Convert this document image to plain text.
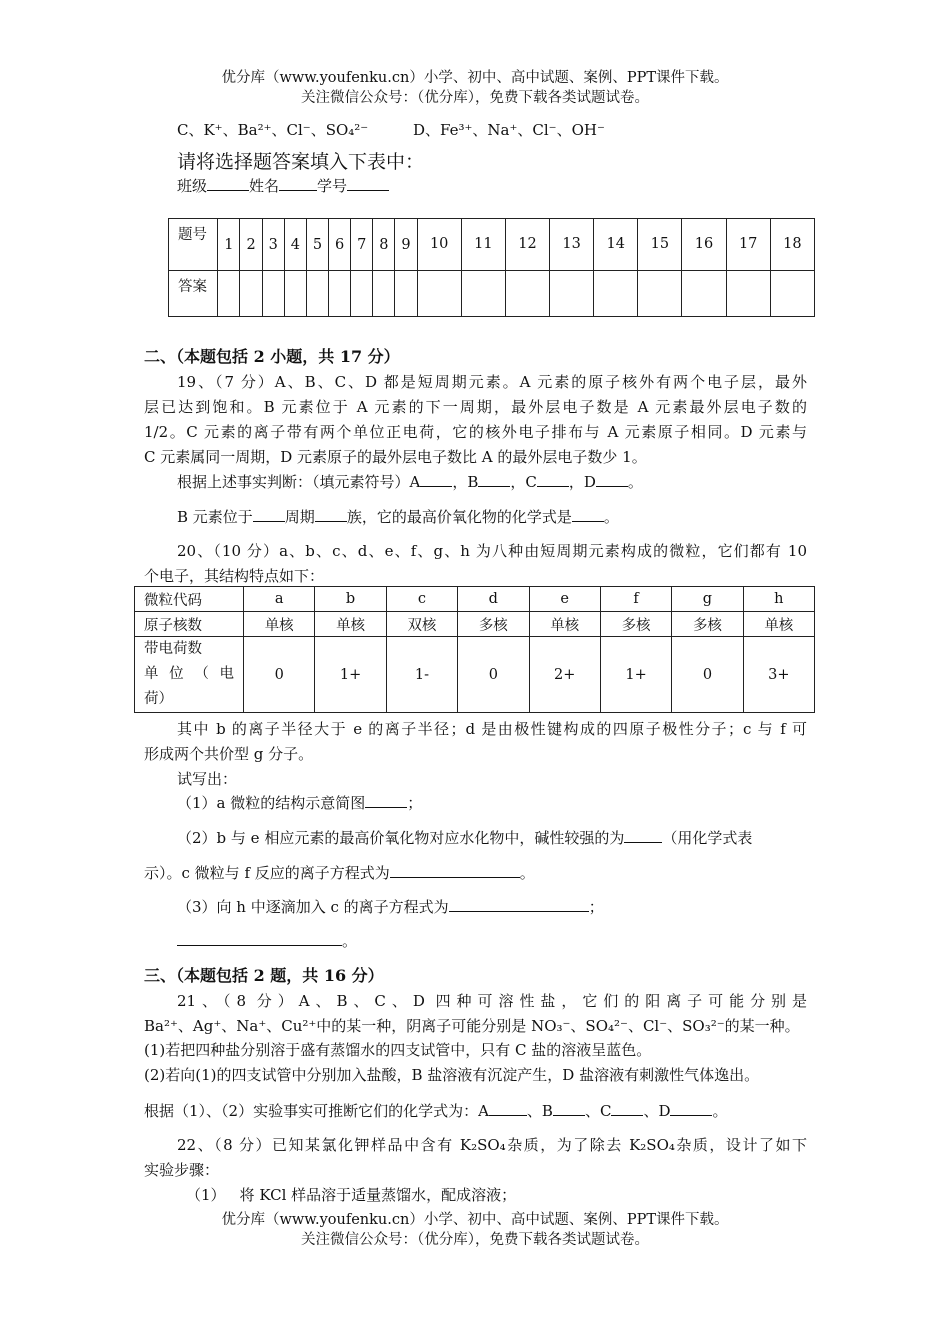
优分库（www.youfenku.cn）小学、初中、高中试题、案例、PPT课件下载。
关注微信公众号：（优分库），免费下载各类试题试卷。
C、K⁺、Ba²⁺、Cl⁻、SO₄²⁻	D、Fe³⁺、Na⁺、Cl⁻、OH⁻
请将选择题答案填入下表中：
班级	姓名	学号
题号	1	2	3	4	5	6	7	8	9	10	11	12	13	14	15	16	17	18
答案																		
二、（本题包括 2 小题，共 17 分）
19、（7 分）A、B、C、D 都是短周期元素。A 元素的原子核外有两个电子层，最外
层已达到饱和。B 元素位于 A 元素的下一周期，最外层电子数是 A 元素最外层电子数的
1/2。C 元素的离子带有两个单位正电荷，它的核外电子排布与 A 元素原子相同。D 元素与
C 元素属同一周期，D 元素原子的最外层电子数比 A 的最外层电子数少 1。
根据上述事实判断：（填元素符号）A ，B ，C ，D 。
B 元素位于 周期 族，它的最高价氧化物的化学式是 。
20、（10 分）a、b、c、d、e、f、g、h 为八种由短周期元素构成的微粒，它们都有 10
个电子，其结构特点如下：
微粒代码	a	b	c	d	e	f	g	h
原子核数	单核	单核	双核	多核	单核	多核	多核	单核

带电荷数
单位（电
荷）	0	1+	1-	0	2+	1+	0	3+
其中 b 的离子半径大于 e 的离子半径；d 是由极性键构成的四原子极性分子；c 与 f 可
形成两个共价型 g 分子。
试写出：
（1）a 微粒的结构示意简图	；
（2）b 与 e 相应元素的最高价氧化物对应水化物中，碱性较强的为	（用化学式表
示）。c 微粒与 f 反应的离子方程式为	。
（3）向 h 中逐滴加入 c 的离子方程式为	；
。
三、（本题包括 2 题，共 16 分）
21、（8 分）A、B、C、D 四种可溶性盐，它们的阳离子可能分别是
Ba²⁺、Ag⁺、Na⁺、Cu²⁺中的某一种，阴离子可能分别是 NO₃⁻、SO₄²⁻、Cl⁻、SO₃²⁻的某一种。
(1)若把四种盐分别溶于盛有蒸馏水的四支试管中，只有 C 盐的溶液呈蓝色。
(2)若向(1)的四支试管中分别加入盐酸，B 盐溶液有沉淀产生，D 盐溶液有刺激性气体逸出。
根据（1）、（2）实验事实可推断它们的化学式为：A	、B 、C 、D	。
22、（8 分）已知某氯化钾样品中含有 K₂SO₄杂质，为了除去 K₂SO₄杂质，设计了如下
实验步骤：
（1） 将 KCl 样品溶于适量蒸馏水，配成溶液；
优分库（www.youfenku.cn）小学、初中、高中试题、案例、PPT课件下载。
关注微信公众号：（优分库），免费下载各类试题试卷。
